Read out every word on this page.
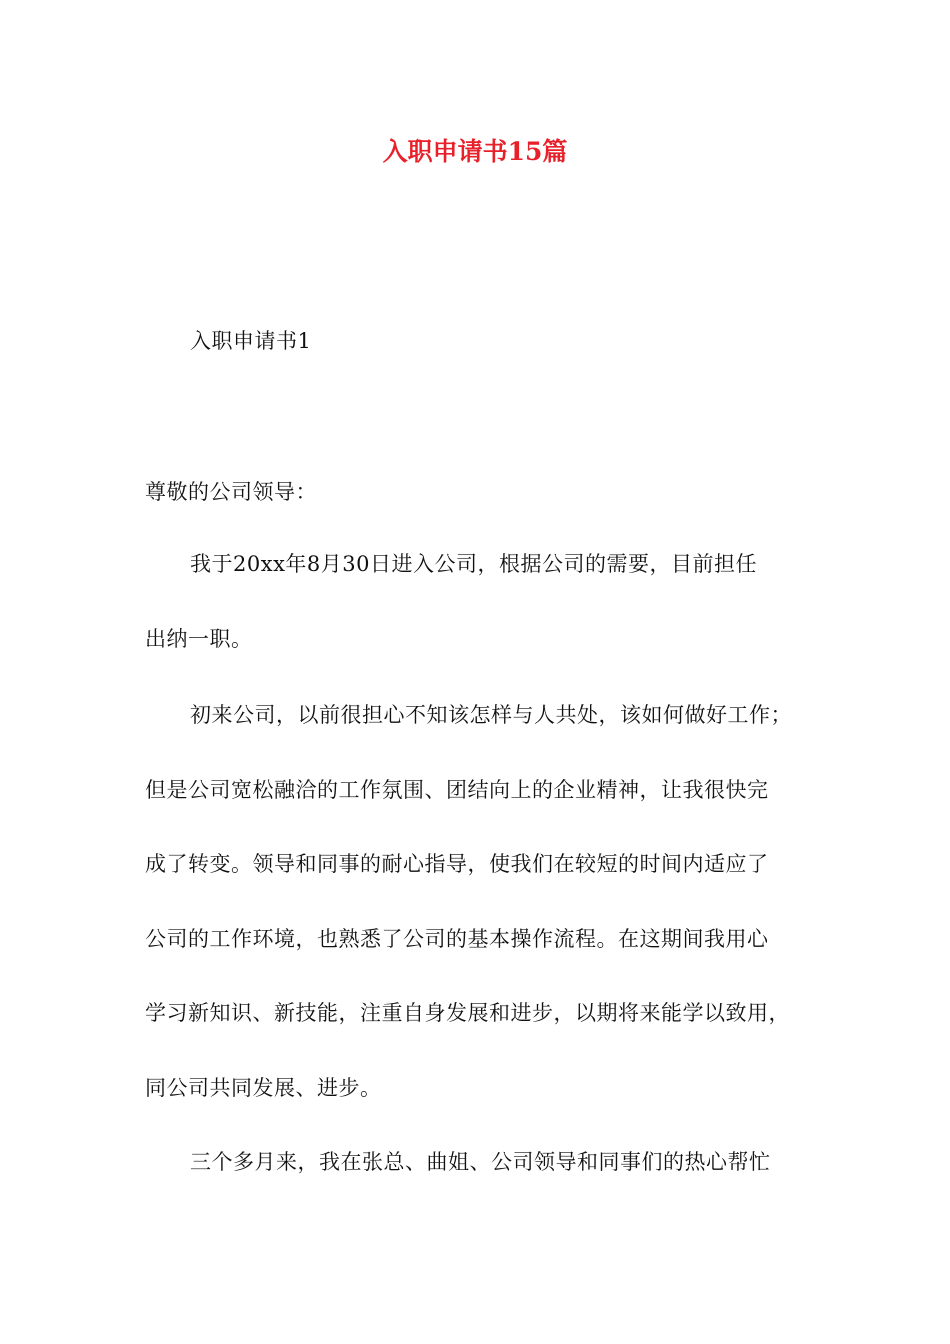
入职申请书15篇
入职申请书1
尊敬的公司领导：
我于20xx年8月30日进入公司，根据公司的需要，目前担任
出纳一职。
初来公司，以前很担心不知该怎样与人共处，该如何做好工作；
但是公司宽松融洽的工作氛围、团结向上的企业精神，让我很快完
成了转变。领导和同事的耐心指导，使我们在较短的时间内适应了
公司的工作环境，也熟悉了公司的基本操作流程。在这期间我用心
学习新知识、新技能，注重自身发展和进步，以期将来能学以致用，
同公司共同发展、进步。
三个多月来，我在张总、曲姐、公司领导和同事们的热心帮忙
